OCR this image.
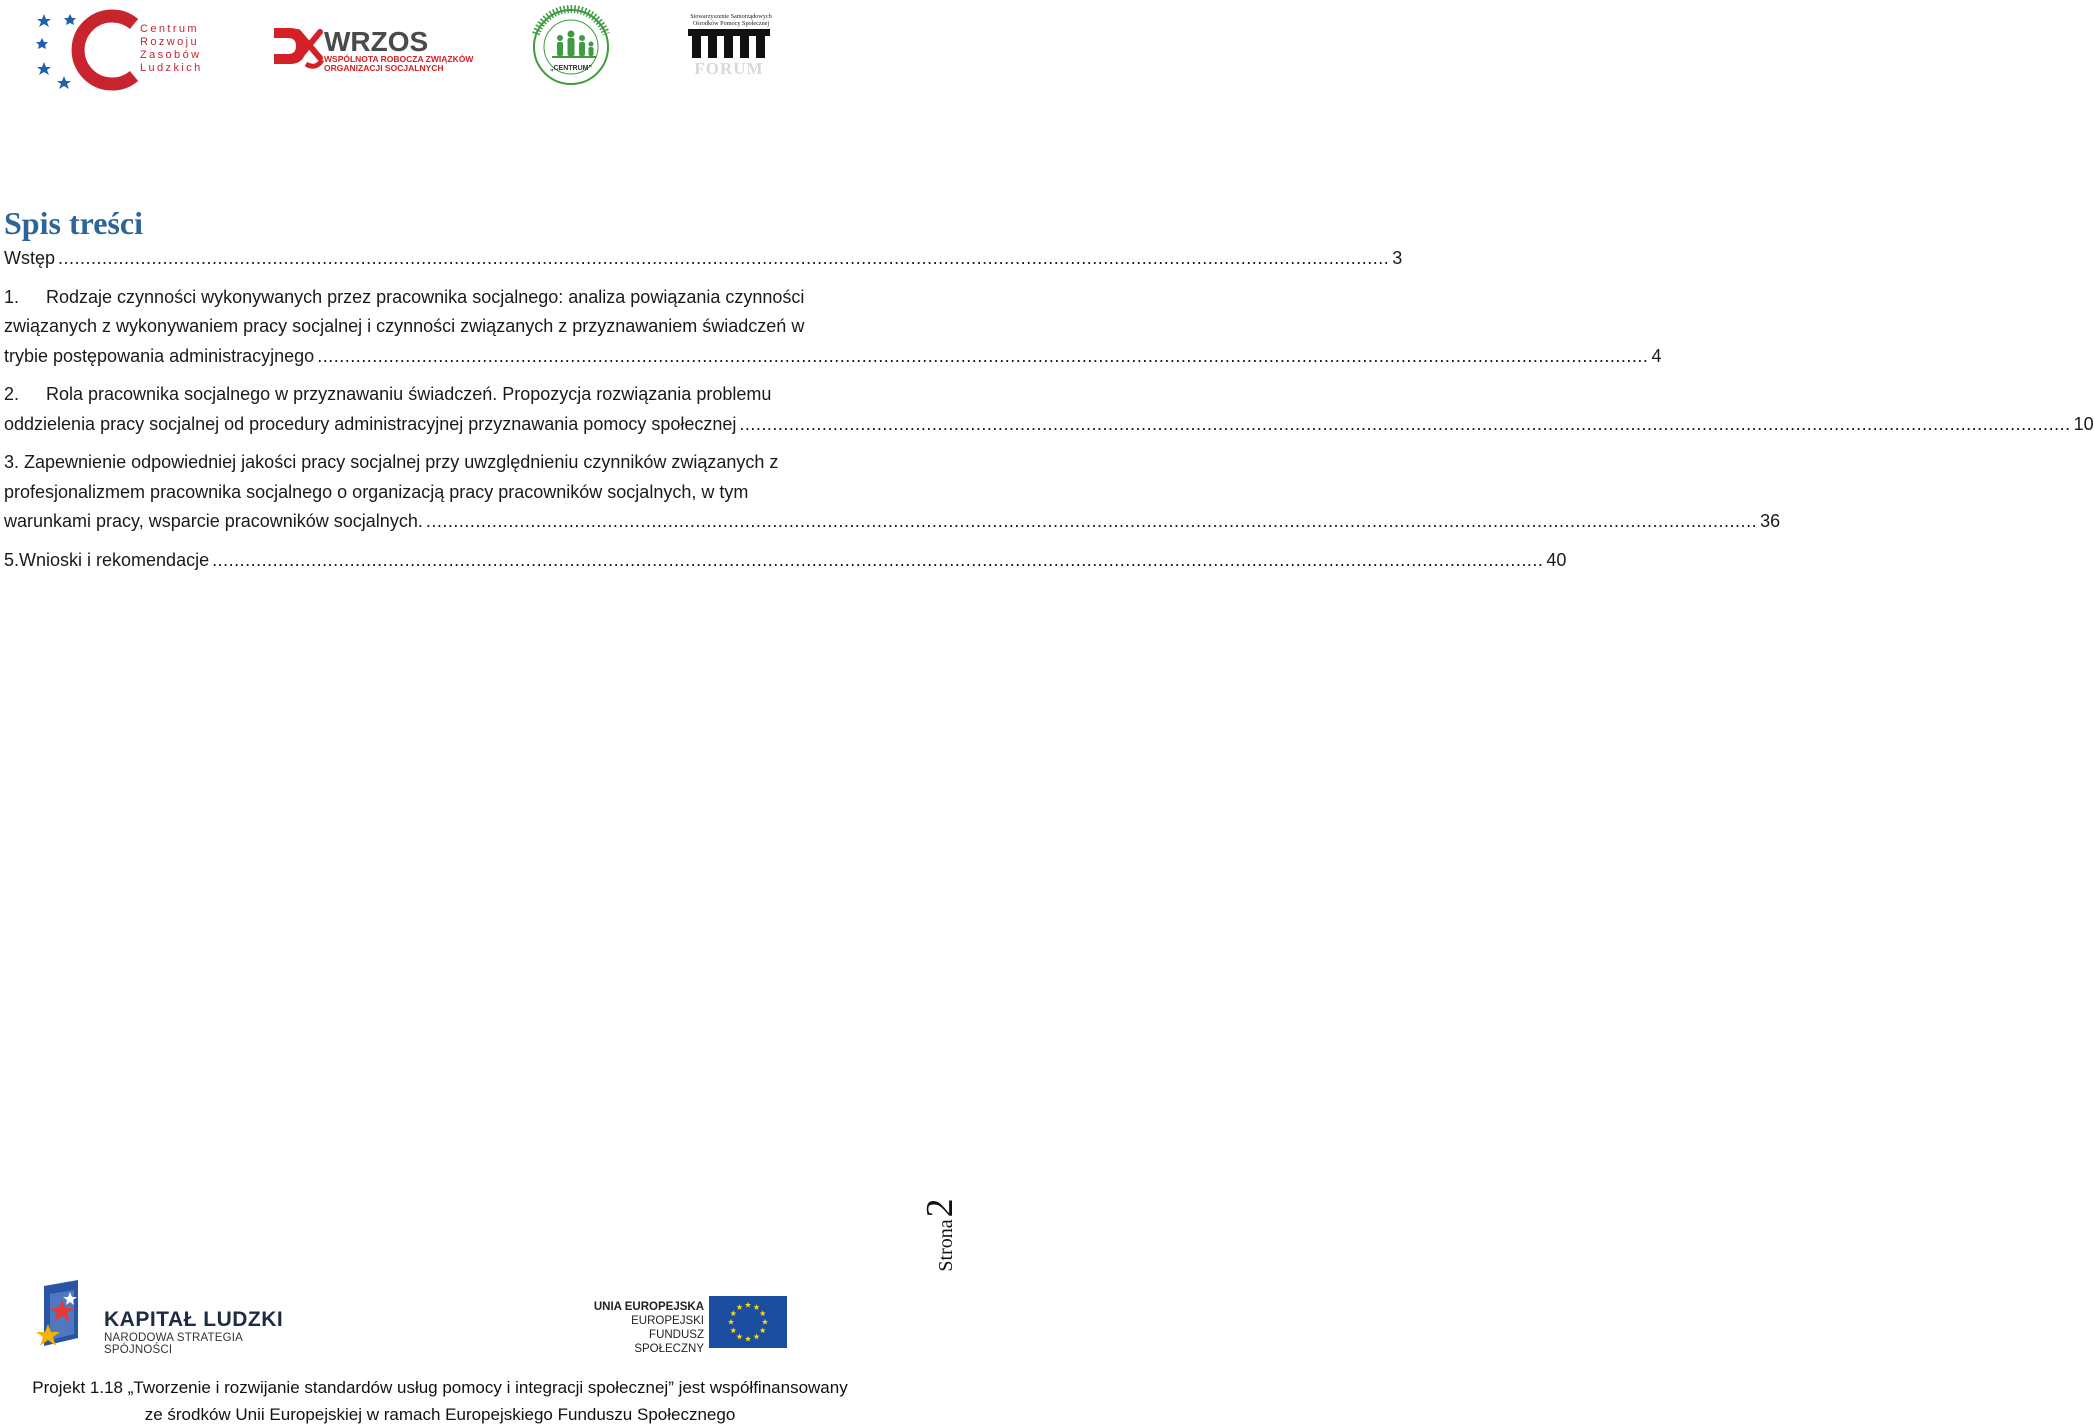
Centrum
Rozwoju
Zasobów
Ludzkich
WRZOS
WSPÓLNOTA ROBOCZA ZWIĄZKÓW
ORGANIZACJI SOCJALNYCH	„CENTRUM”
Stowarzyszenie Samorządowych
Ośrodków Pomocy Społecznej
FORUM
Spis treści
Wstęp .................................................................................................................................................................................................................................................. 3
1. Rodzaje czynności wykonywanych przez pracownika socjalnego: analiza powiązania czynności
związanych z wykonywaniem pracy socjalnej i czynności związanych z przyznawaniem świadczeń w
trybie postępowania administracyjnego .................................................................................................................................................................................................................................................. 4
2. Rola pracownika socjalnego w przyznawaniu świadczeń. Propozycja rozwiązania problemu
oddzielenia pracy socjalnej od procedury administracyjnej przyznawania pomocy społecznej .................................................................................................................................................................................................................................................. 10
3. Zapewnienie odpowiedniej jakości pracy socjalnej przy uwzględnieniu czynników związanych z
profesjonalizmem pracownika socjalnego o organizacją pracy pracowników socjalnych, w tym
warunkami pracy, wsparcie pracowników socjalnych. .................................................................................................................................................................................................................................................. 36
5. Wnioski i rekomendacje .................................................................................................................................................................................................................................................. 40
Strona2
KAPITAŁ LUDZKI
NARODOWA STRATEGIA SPÓJNOŚCI
UNIA EUROPEJSKA
EUROPEJSKI
FUNDUSZ SPOŁECZNY
Projekt 1.18 „Tworzenie i rozwijanie standardów usług pomocy i integracji społecznej” jest współfinansowany
ze środków Unii Europejskiej w ramach Europejskiego Funduszu Społecznego
